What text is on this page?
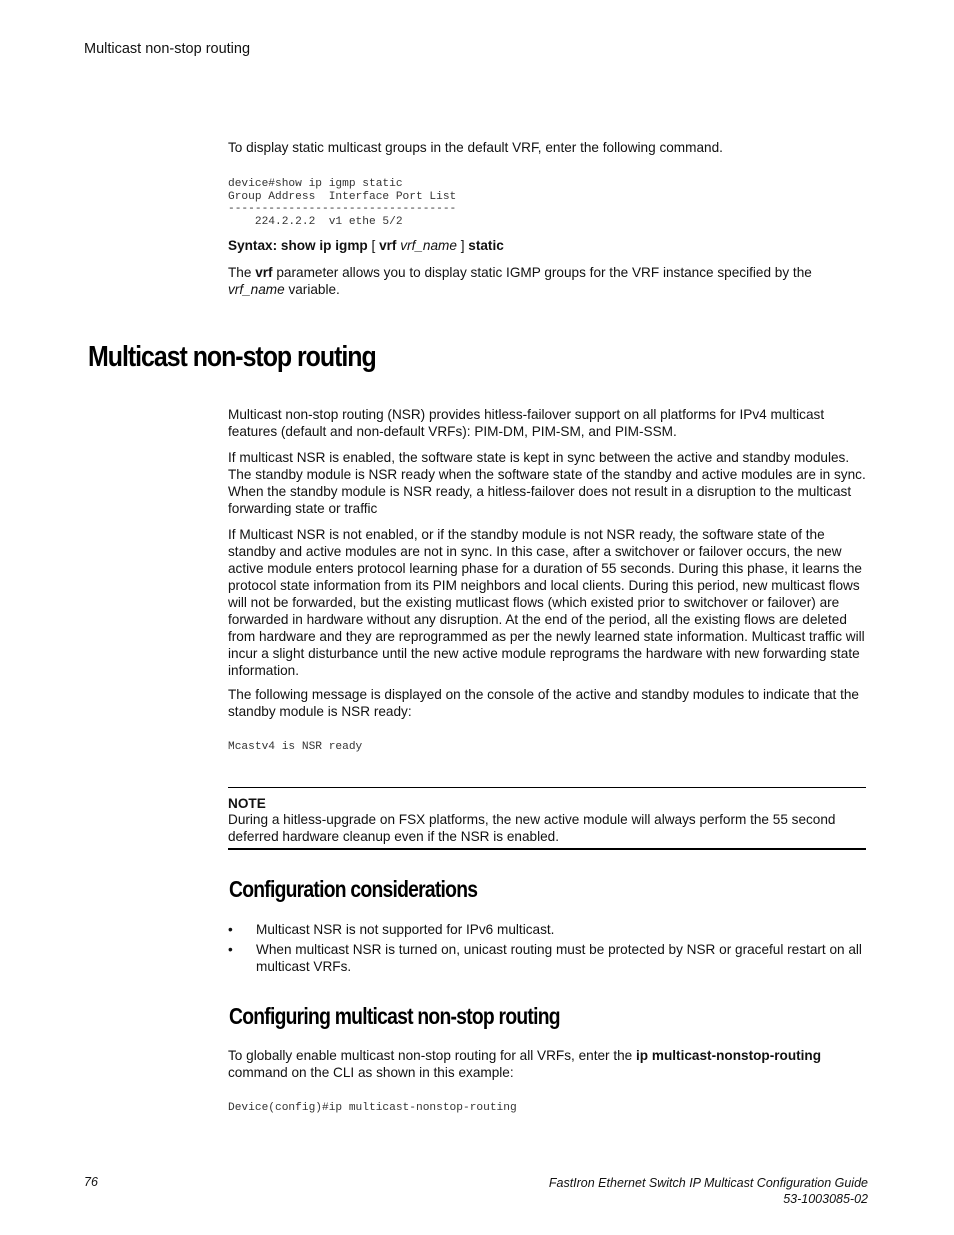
Multicast non-stop routing

To display static multicast groups in the default VRF, enter the following command.

device#show ip igmp static
Group Address  Interface Port List
----------------------------------
224.2.2.2  v1 ethe 5/2
Syntax: show ip igmp [ vrf vrf_name ] static

The vrf parameter allows you to display static IGMP groups for the VRF instance specified by the
vrf_name variable.

Multicast non-stop routing

Multicast non-stop routing (NSR) provides hitless-failover support on all platforms for IPv4 multicast features (default and non-default VRFs): PIM-DM, PIM-SM, and PIM-SSM.

If multicast NSR is enabled, the software state is kept in sync between the active and standby modules. The standby module is NSR ready when the software state of the standby and active modules are in sync. When the standby module is NSR ready, a hitless-failover does not result in a disruption to the multicast forwarding state or traffic

If Multicast NSR is not enabled, or if the standby module is not NSR ready, the software state of the standby and active modules are not in sync. In this case, after a switchover or failover occurs, the new active module enters protocol learning phase for a duration of 55 seconds. During this phase, it learns the protocol state information from its PIM neighbors and local clients. During this period, new multicast flows will not be forwarded, but the existing mutlicast flows (which existed prior to switchover or failover) are forwarded in hardware without any disruption. At the end of the period, all the existing flows are deleted from hardware and they are reprogrammed as per the newly learned state information. Multicast traffic will incur a slight disturbance until the new active module reprograms the hardware with new forwarding state information.

The following message is displayed on the console of the active and standby modules to indicate that the standby module is NSR ready:

Mcastv4 is NSR ready
NOTE

During a hitless-upgrade on FSX platforms, the new active module will always perform the 55 second deferred hardware cleanup even if the NSR is enabled.

Configuration considerations
• Multicast NSR is not supported for IPv6 multicast.
• When multicast NSR is turned on, unicast routing must be protected by NSR or graceful restart on all multicast VRFs.
Configuring multicast non-stop routing

To globally enable multicast non-stop routing for all VRFs, enter the ip multicast-nonstop-routing
command on the CLI as shown in this example:

Device(config)#ip multicast-nonstop-routing
76	FastIron Ethernet Switch IP Multicast Configuration Guide
53-1003085-02
